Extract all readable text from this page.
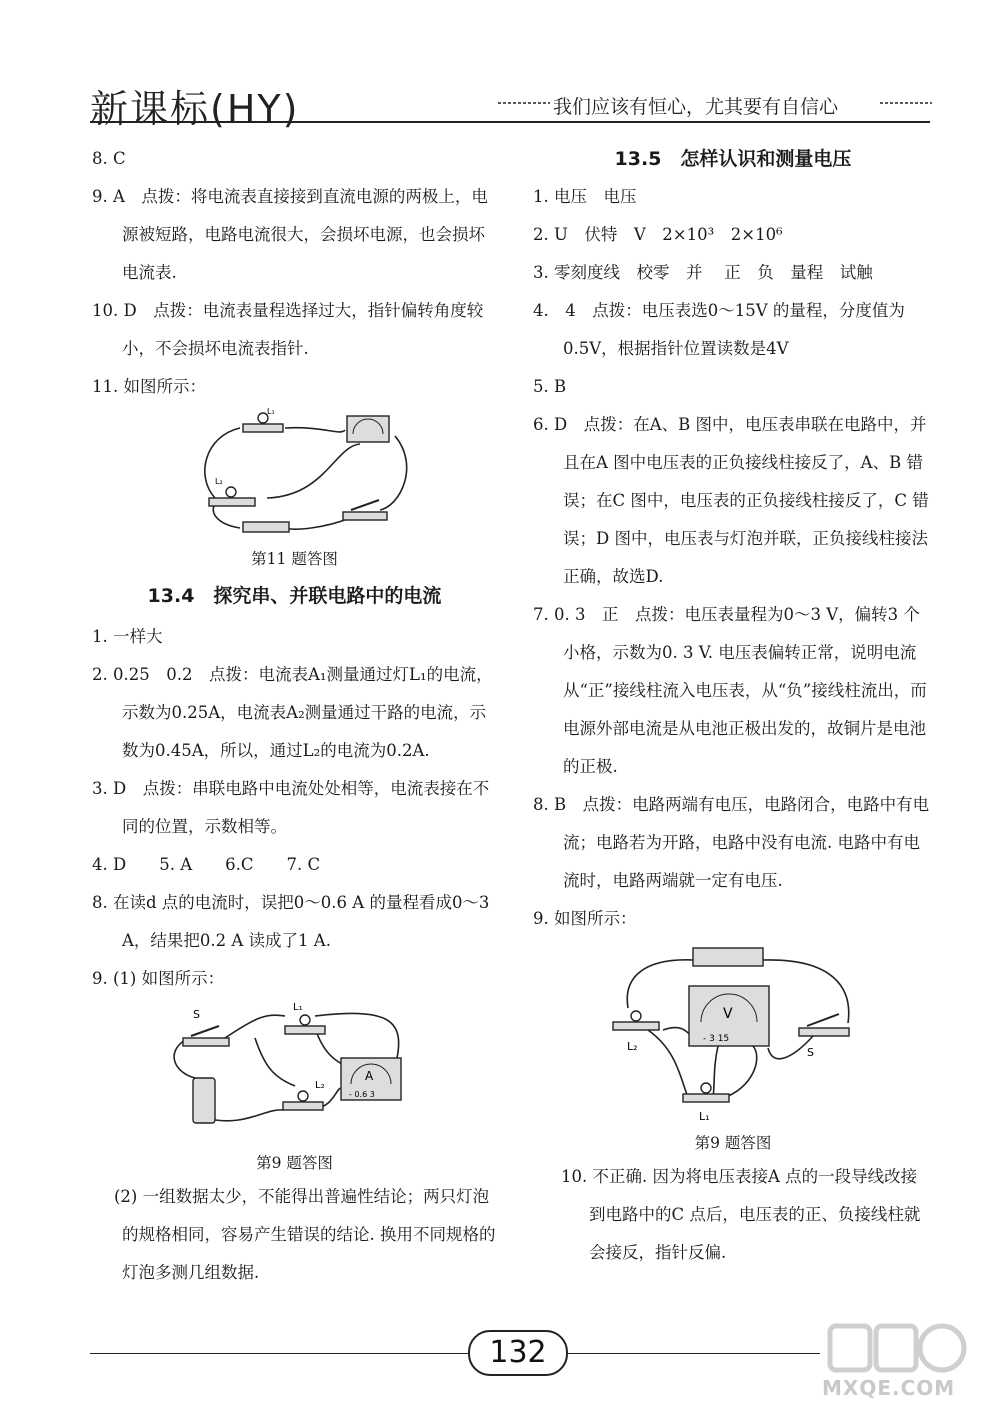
新课标(HY)	我们应该有恒心，尤其要有自信心

8. C

9. A　点拨：将电流表直接接到直流电源的两极上，电源被短路，电路电流很大，会损坏电源，也会损坏电流表.

10. D　点拨：电流表量程选择过大，指针偏转角度较小，不会损坏电流表指针.

11. 如图所示：

L₁
L₂

第11 题答图

13.4　探究串、并联电路中的电流

1. 一样大

2. 0.25　0.2　点拨：电流表A₁测量通过灯L₁的电流，示数为0.25A，电流表A₂测量通过干路的电流，示数为0.45A，所以，通过L₂的电流为0.2A.

3. D　点拨：串联电路中电流处处相等，电流表接在不同的位置，示数相等。

4. D　　5. A　　6.C　　7. C

8. 在读d 点的电流时，误把0～0.6 A 的量程看成0～3 A，结果把0.2 A 读成了1 A.

9. (1) 如图所示：

S
L₁
L₂
A
- 0.6 3

第9 题答图

(2) 一组数据太少，不能得出普遍性结论；两只灯泡的规格相同，容易产生错误的结论. 换用不同规格的灯泡多测几组数据.

13.5　怎样认识和测量电压

1. 电压　电压

2. U　伏特　V　2×10³　2×10⁶

3. 零刻度线　校零　并　 正　负　量程　试触

4.　4　点拨：电压表选0～15V 的量程，分度值为0.5V，根据指针位置读数是4V

5. B

6. D　点拨：在A、B 图中，电压表串联在电路中，并且在A 图中电压表的正负接线柱接反了，A、B 错误；在C 图中，电压表的正负接线柱接反了，C 错误；D 图中，电压表与灯泡并联，正负接线柱接法正确，故选D.

7. 0. 3　正　点拨：电压表量程为0～3 V，偏转3 个小格，示数为0. 3 V. 电压表偏转正常，说明电流从“正”接线柱流入电压表，从“负”接线柱流出，而电源外部电流是从电池正极出发的，故铜片是电池的正极.

8. B　点拨：电路两端有电压，电路闭合，电路中有电流；电路若为开路，电路中没有电流. 电路中有电流时，电路两端就一定有电压.

9. 如图所示：

V
- 3 15
L₂
L₁
S

第9 题答图

10. 不正确. 因为将电压表接A 点的一段导线改接到电路中的C 点后，电压表的正、负接线柱就会接反，指针反偏.

132
MXQE.COM
